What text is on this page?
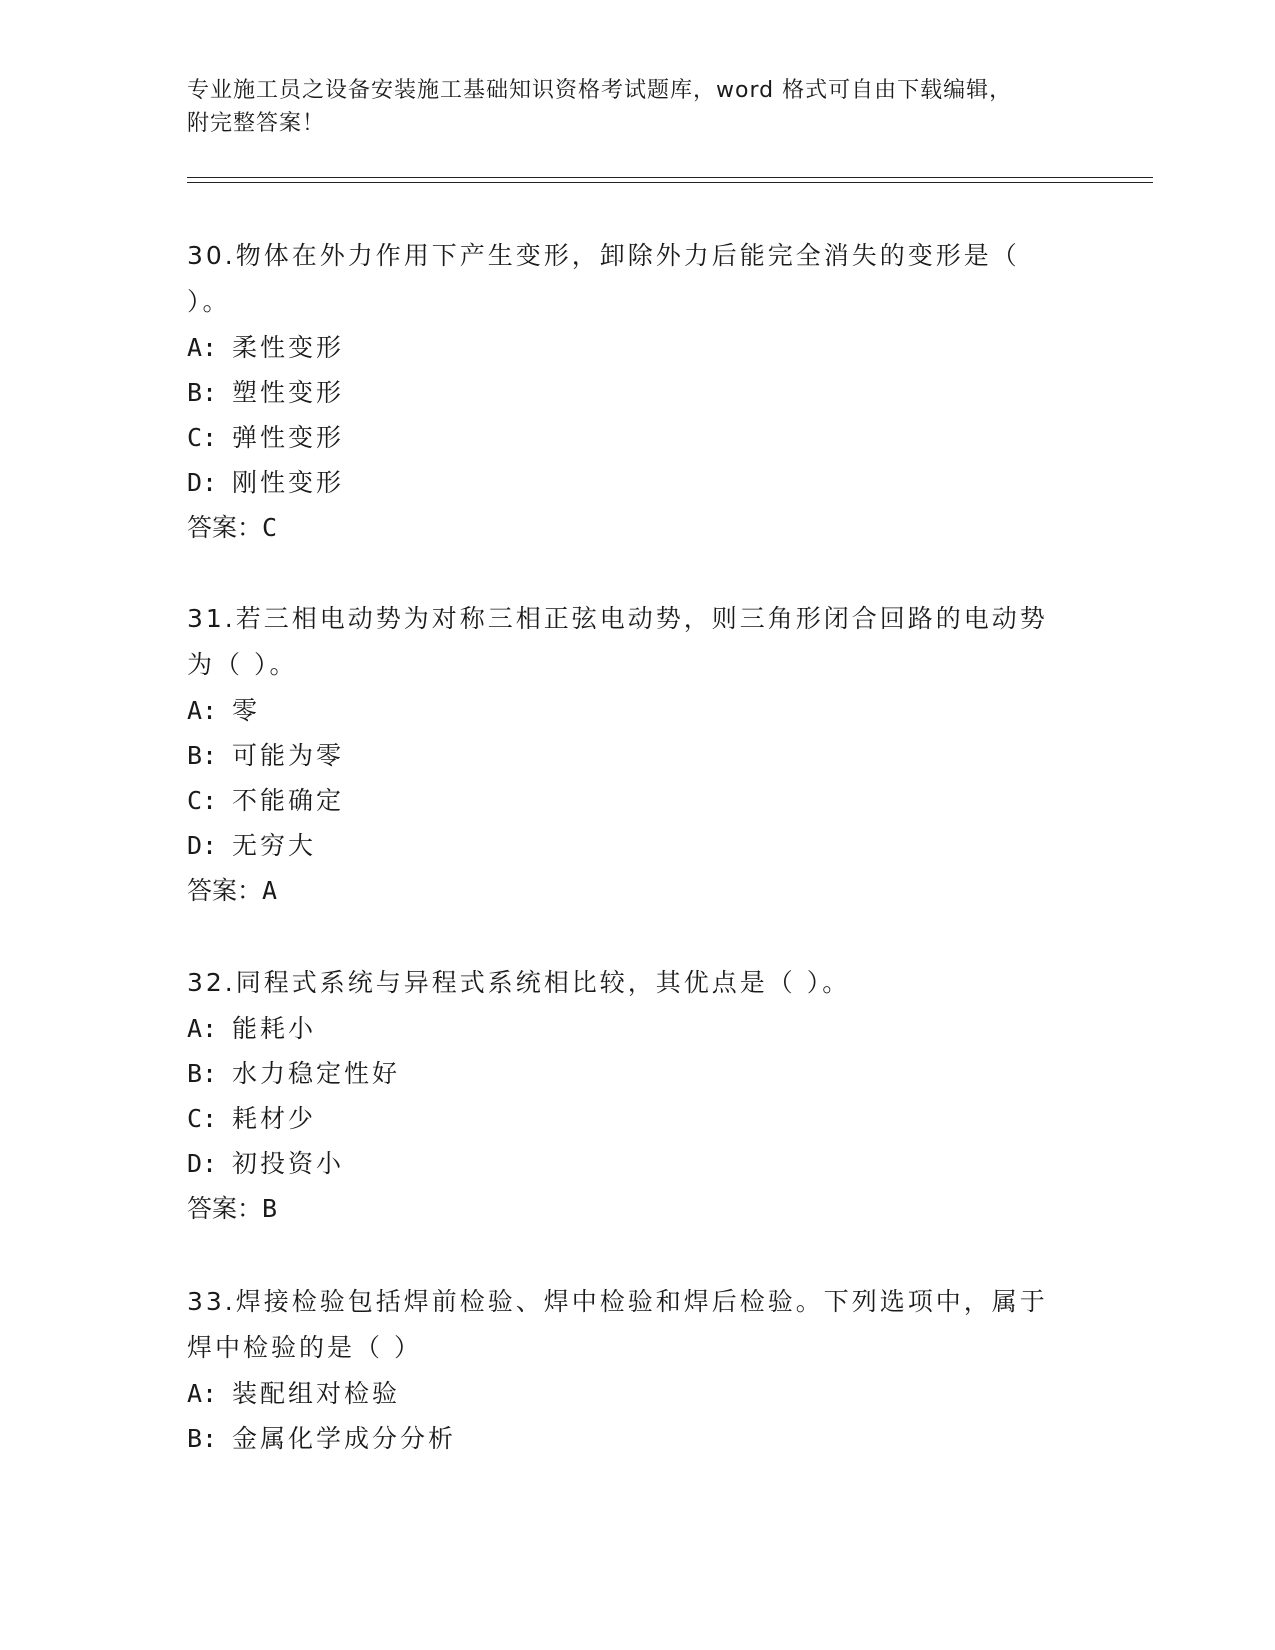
专业施工员之设备安装施工基础知识资格考试题库，word 格式可自由下载编辑，
附完整答案！

30.物体在外力作用下产生变形，卸除外力后能完全消失的变形是（

）。

A: 柔性变形

B: 塑性变形

C: 弹性变形

D: 刚性变形

答案：C

31.若三相电动势为对称三相正弦电动势，则三角形闭合回路的电动势

为（ ）。

A: 零

B: 可能为零

C: 不能确定

D: 无穷大

答案：A

32.同程式系统与异程式系统相比较，其优点是（ ）。

A: 能耗小

B: 水力稳定性好

C: 耗材少

D: 初投资小

答案：B

33.焊接检验包括焊前检验、焊中检验和焊后检验。下列选项中，属于

焊中检验的是（ ）

A: 装配组对检验

B: 金属化学成分分析
